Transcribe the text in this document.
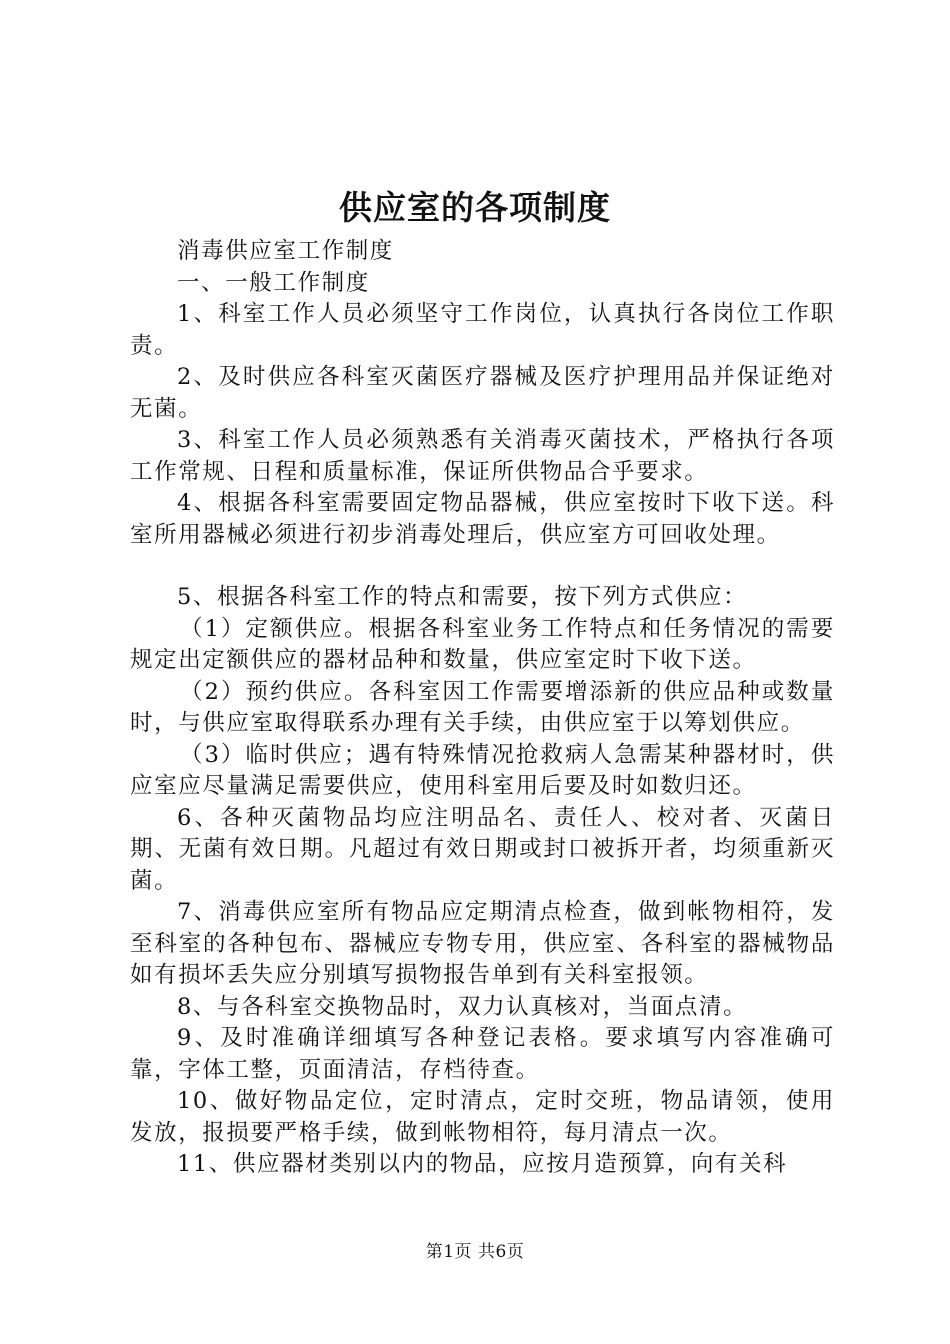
供应室的各项制度

消毒供应室工作制度

一、一般工作制度

1、科室工作人员必须坚守工作岗位，认真执行各岗位工作职责。

2、及时供应各科室灭菌医疗器械及医疗护理用品并保证绝对无菌。

3、科室工作人员必须熟悉有关消毒灭菌技术，严格执行各项工作常规、日程和质量标准，保证所供物品合乎要求。

4、根据各科室需要固定物品器械，供应室按时下收下送。科室所用器械必须进行初步消毒处理后，供应室方可回收处理。

5、根据各科室工作的特点和需要，按下列方式供应：

（1）定额供应。根据各科室业务工作特点和任务情况的需要规定出定额供应的器材品种和数量，供应室定时下收下送。

（2）预约供应。各科室因工作需要增添新的供应品种或数量时，与供应室取得联系办理有关手续，由供应室于以筹划供应。

（3）临时供应；遇有特殊情况抢救病人急需某种器材时，供应室应尽量满足需要供应，使用科室用后要及时如数归还。

6、各种灭菌物品均应注明品名、责任人、校对者、灭菌日期、无菌有效日期。凡超过有效日期或封口被拆开者，均须重新灭菌。

7、消毒供应室所有物品应定期清点检查，做到帐物相符，发至科室的各种包布、器械应专物专用，供应室、各科室的器械物品如有损坏丢失应分别填写损物报告单到有关科室报领。

8、与各科室交换物品时，双力认真核对，当面点清。

9、及时准确详细填写各种登记表格。要求填写内容准确可靠，字体工整，页面清洁，存档待查。

10、做好物品定位，定时清点，定时交班，物品请领，使用发放，报损要严格手续，做到帐物相符，每月清点一次。

11、供应器材类别以内的物品，应按月造预算，向有关科

第1页 共6页
